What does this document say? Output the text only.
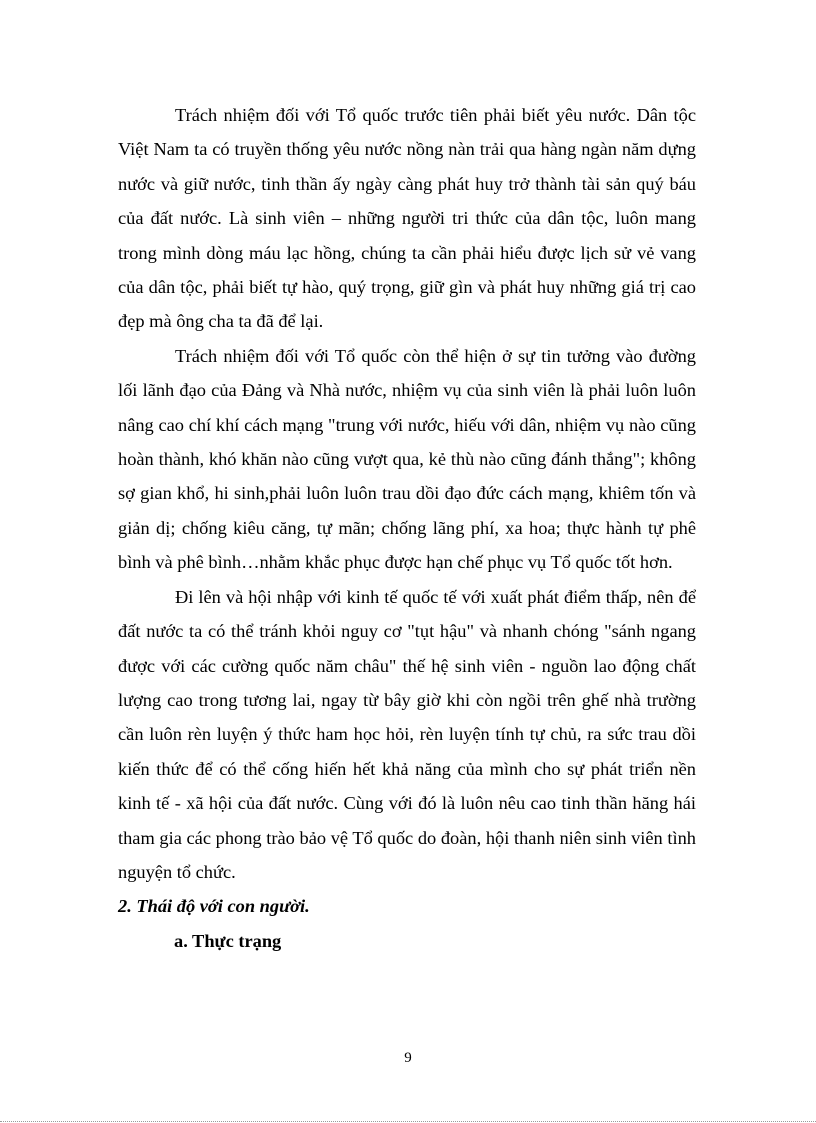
Trách nhiệm đối với Tổ quốc trước tiên phải biết yêu nước. Dân tộc Việt Nam ta có truyền thống yêu nước nồng nàn trải qua hàng ngàn năm dựng nước và giữ nước, tinh thần ấy ngày càng phát huy trở thành tài sản quý báu của đất nước. Là sinh viên – những người tri thức của dân tộc, luôn mang trong mình dòng máu lạc hồng, chúng ta cần phải hiểu được lịch sử vẻ vang của dân tộc, phải biết tự hào, quý trọng, giữ gìn và phát huy những giá trị cao đẹp mà ông cha ta đã để lại.

Trách nhiệm đối với Tổ quốc còn thể hiện ở sự tin tưởng vào đường lối lãnh đạo của Đảng và Nhà nước, nhiệm vụ của sinh viên là phải luôn luôn nâng cao chí khí cách mạng "trung với nước, hiếu với dân, nhiệm vụ nào cũng hoàn thành, khó khăn nào cũng vượt qua, kẻ thù nào cũng đánh thắng"; không sợ gian khổ, hi sinh,phải luôn luôn trau dồi đạo đức cách mạng, khiêm tốn và giản dị; chống kiêu căng, tự mãn; chống lãng phí, xa hoa; thực hành tự phê bình và phê bình…nhằm khắc phục được hạn chế phục vụ Tổ quốc tốt hơn.

Đi lên và hội nhập với kinh tế quốc tế với xuất phát điểm thấp, nên để đất nước ta có thể tránh khỏi nguy cơ "tụt hậu" và nhanh chóng "sánh ngang được với các cường quốc năm châu" thế hệ sinh viên - nguồn lao động chất lượng cao trong tương lai, ngay từ bây giờ khi còn ngồi trên ghế nhà trường cần luôn rèn luyện ý thức ham học hỏi, rèn luyện tính tự chủ, ra sức trau dồi kiến thức để có thể cống hiến hết khả năng của mình cho sự phát triển nền kinh tế - xã hội của đất nước. Cùng với đó là luôn nêu cao tinh thần hăng hái tham gia các phong trào bảo vệ Tổ quốc do đoàn, hội thanh niên sinh viên tình nguyện tổ chức.

2. Thái độ với con người.

a. Thực trạng

9
